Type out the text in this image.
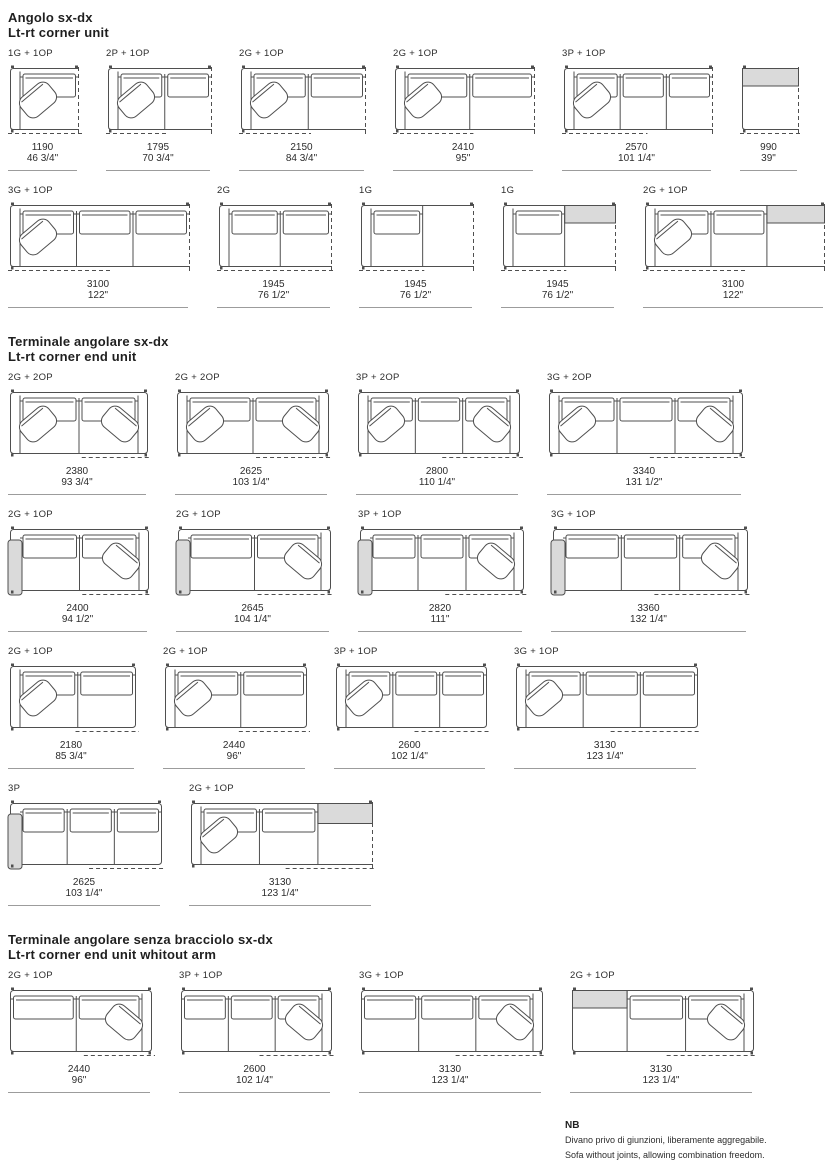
Angolo sx-dx
Lt-rt corner unit
1G + 1OP
1190
46 3/4"
2P + 1OP
1795
70 3/4"
2G + 1OP
2150
84 3/4"
2G + 1OP
2410
95"
3P + 1OP
2570
101 1/4"
990
39"
3G + 1OP
3100
122"
2G
1945
76 1/2"
1G
1945
76 1/2"
1G
1945
76 1/2"
2G + 1OP
3100
122"
Terminale angolare sx-dx
Lt-rt corner end unit
2G + 2OP
2380
93 3/4"
2G + 2OP
2625
103 1/4"
3P + 2OP
2800
110 1/4"
3G + 2OP
3340
131 1/2"
2G + 1OP
2400
94 1/2"
2G + 1OP
2645
104 1/4"
3P + 1OP
2820
111"
3G + 1OP
3360
132 1/4"
2G + 1OP
2180
85 3/4"
2G + 1OP
2440
96"
3P + 1OP
2600
102 1/4"
3G + 1OP
3130
123 1/4"
3P
2625
103 1/4"
2G + 1OP
3130
123 1/4"
Terminale angolare senza bracciolo sx-dx
Lt-rt corner end unit whitout arm
2G + 1OP
2440
96"
3P + 1OP
2600
102 1/4"
3G + 1OP
3130
123 1/4"
2G + 1OP
3130
123 1/4"
NB
Divano privo di giunzioni, liberamente aggregabile.
Sofa without joints, allowing combination freedom.
